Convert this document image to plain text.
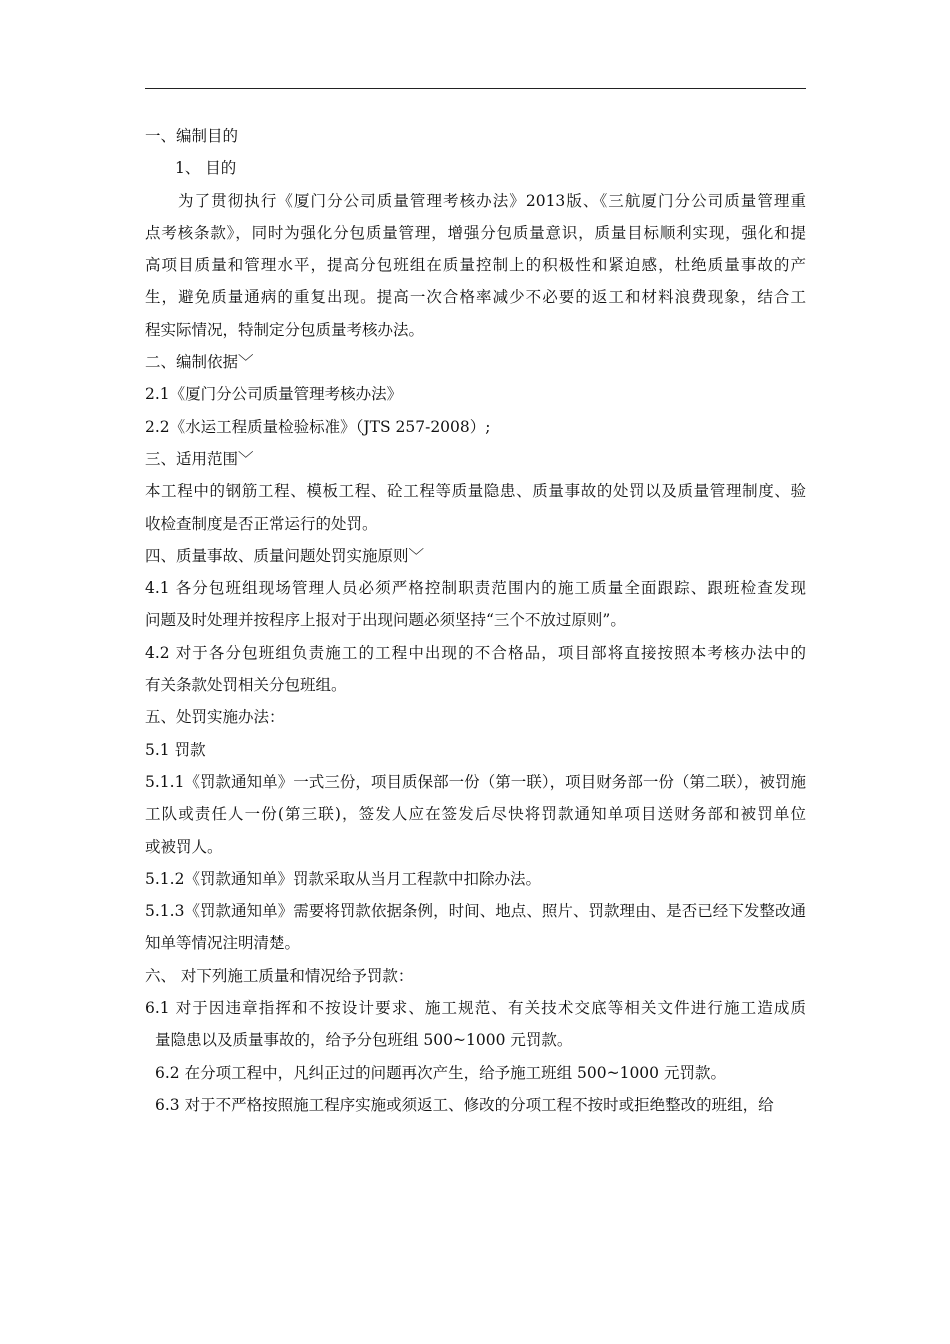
一、编制目的

1、 目的

为了贯彻执行《厦门分公司质量管理考核办法》2013版、《三航厦门分公司质量管理重

点考核条款》，同时为强化分包质量管理，增强分包质量意识，质量目标顺利实现，强化和提

高项目质量和管理水平，提高分包班组在质量控制上的积极性和紧迫感，杜绝质量事故的产

生，避免质量通病的重复出现。提高一次合格率减少不必要的返工和材料浪费现象，结合工

程实际情况，特制定分包质量考核办法。

二、编制依据﹀

2.1《厦门分公司质量管理考核办法》

2.2《水运工程质量检验标准》（JTS 257-2008）;

三、适用范围﹀

本工程中的钢筋工程、模板工程、砼工程等质量隐患、质量事故的处罚以及质量管理制度、验

收检查制度是否正常运行的处罚。

四、质量事故、质量问题处罚实施原则﹀

4.1 各分包班组现场管理人员必须严格控制职责范围内的施工质量全面跟踪、跟班检查发现

问题及时处理并按程序上报对于出现问题必须坚持“三个不放过原则”。

4.2 对于各分包班组负责施工的工程中出现的不合格品，项目部将直接按照本考核办法中的

有关条款处罚相关分包班组。

五、处罚实施办法：

5.1 罚款

5.1.1《罚款通知单》一式三份，项目质保部一份（第一联），项目财务部一份（第二联），被罚施

工队或责任人一份(第三联)，签发人应在签发后尽快将罚款通知单项目送财务部和被罚单位

或被罚人。

5.1.2《罚款通知单》罚款采取从当月工程款中扣除办法。

5.1.3《罚款通知单》需要将罚款依据条例，时间、地点、照片、罚款理由、是否已经下发整改通

知单等情况注明清楚。

六、 对下列施工质量和情况给予罚款：

6.1 对于因违章指挥和不按设计要求、施工规范、有关技术交底等相关文件进行施工造成质

量隐患以及质量事故的，给予分包班组 500~1000 元罚款。

6.2 在分项工程中，凡纠正过的问题再次产生，给予施工班组 500~1000 元罚款。

6.3 对于不严格按照施工程序实施或须返工、修改的分项工程不按时或拒绝整改的班组，给
